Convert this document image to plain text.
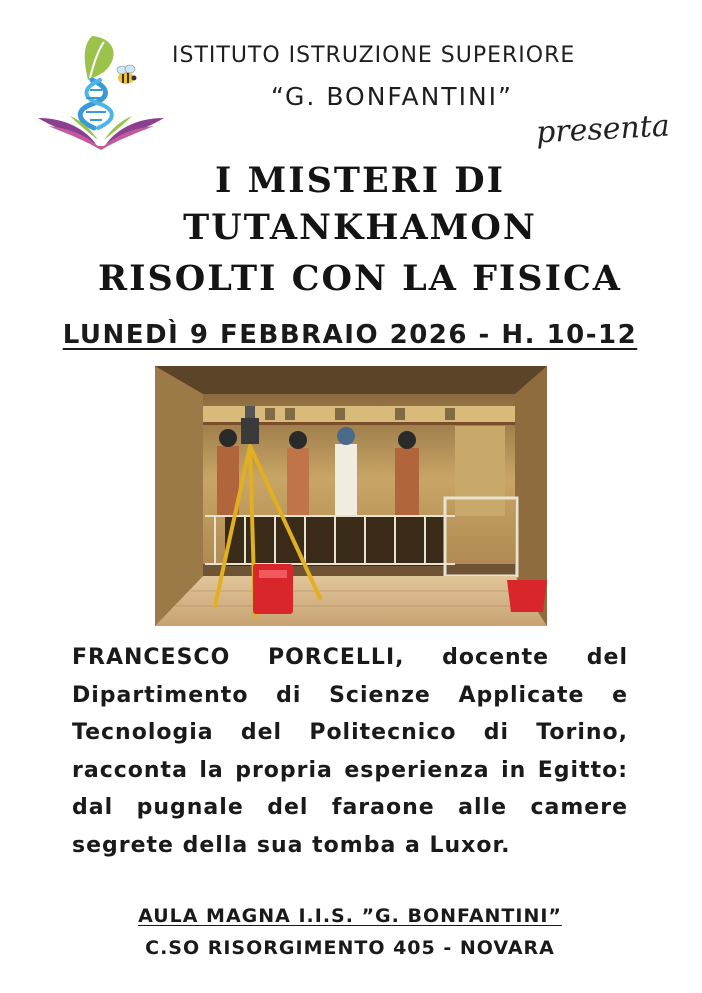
ISTITUTO ISTRUZIONE SUPERIORE
“G. BONFANTINI”
presenta
I MISTERI DI
TUTANKHAMON
RISOLTI CON LA FISICA
LUNEDÌ 9 FEBBRAIO 2026 - H. 10-12
FRANCESCO PORCELLI, docente del Dipartimento di Scienze Applicate e Tecnologia del Politecnico di Torino, racconta la propria esperienza in Egitto: dal pugnale del faraone alle camere segrete della sua tomba a Luxor.
AULA MAGNA I.I.S. ”G. BONFANTINI”
C.SO RISORGIMENTO 405 - NOVARA
